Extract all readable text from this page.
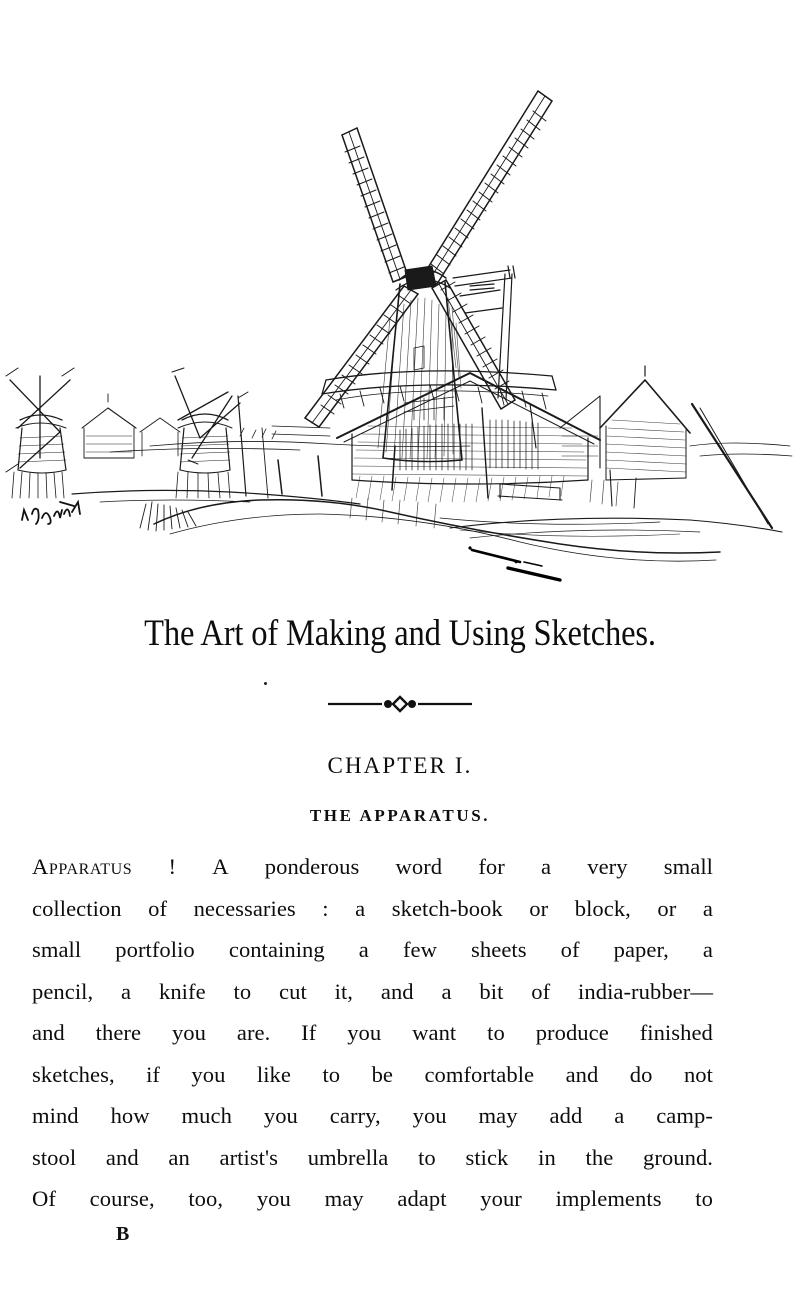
The Art of Making and Using Sketches.
CHAPTER I.
THE APPARATUS.
Apparatus ! A ponderous word for a very small
collection of necessaries : a sketch-book or block, or a
small portfolio containing a few sheets of paper, a
pencil, a knife to cut it, and a bit of india-rubber—
and there you are. If you want to produce finished
sketches, if you like to be comfortable and do not
mind how much you carry, you may add a camp-
stool and an artist's umbrella to stick in the ground.
Of course, too, you may adapt your implements to
B
